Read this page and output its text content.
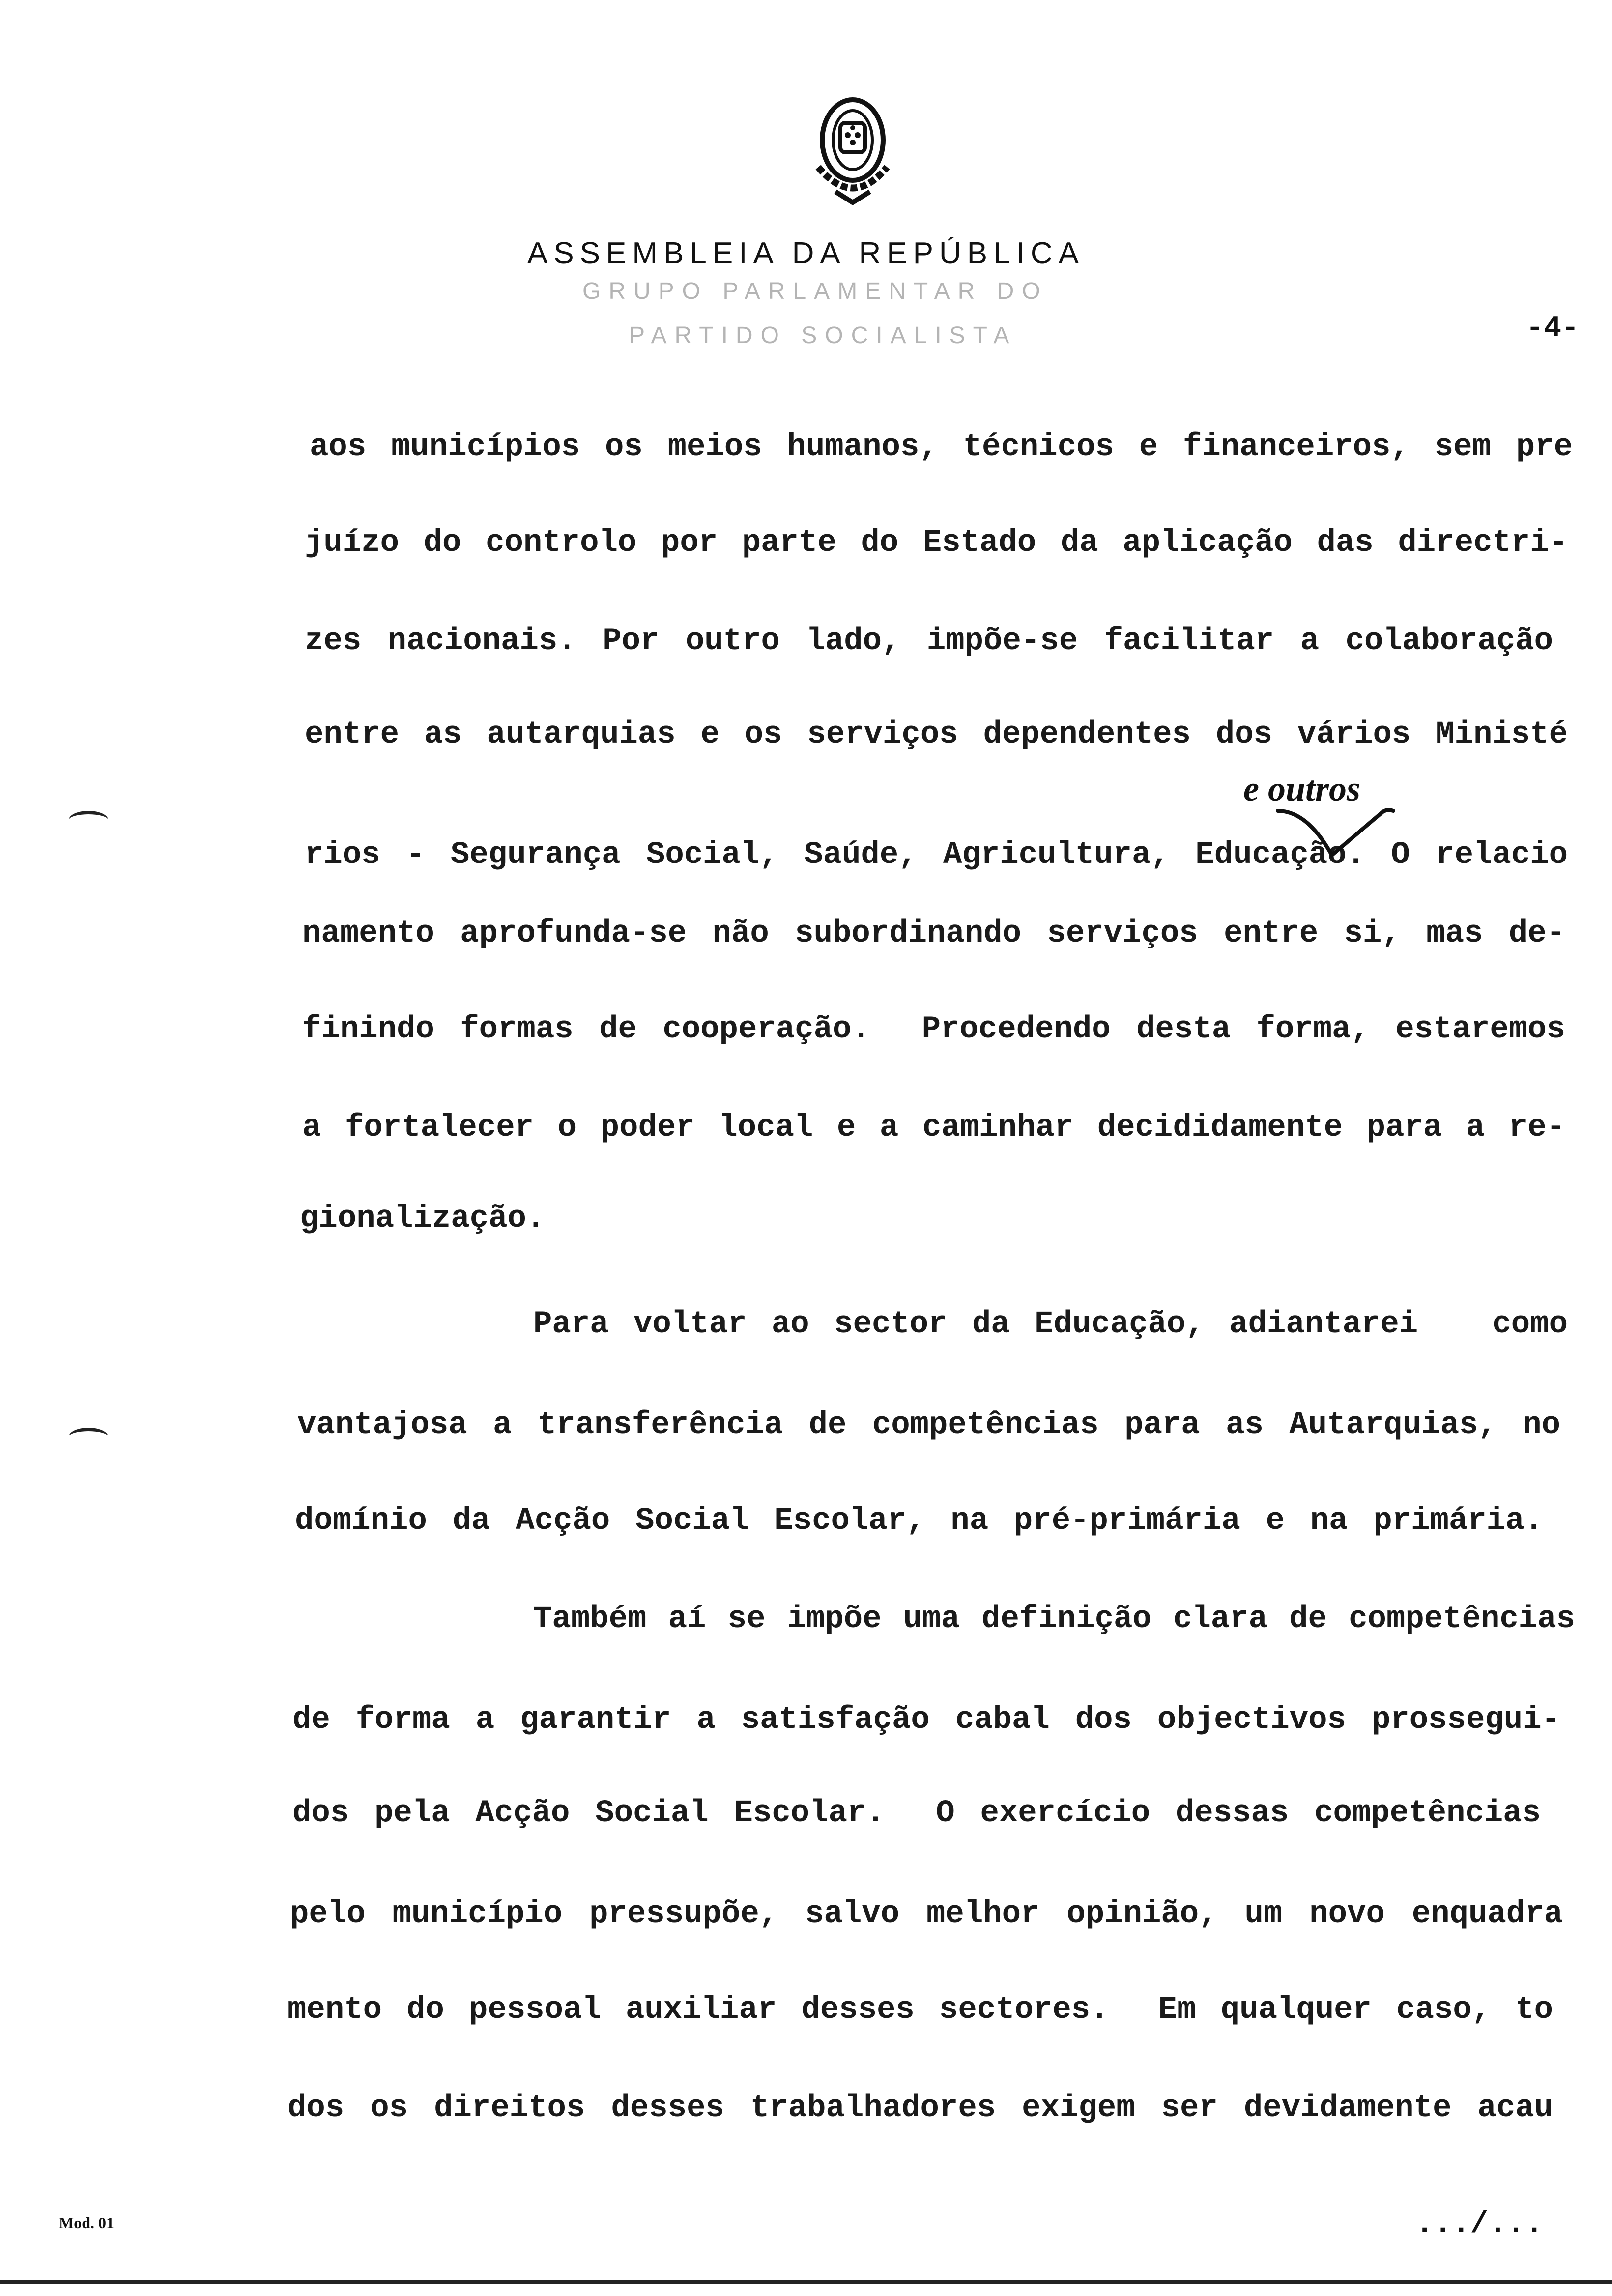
ASSEMBLEIA DA REPÚBLICA
GRUPO PARLAMENTAR DO
PARTIDO SOCIALISTA	-4-
aos municípios os meios humanos, técnicos e financeiros, sem pre
juízo do controlo por parte do Estado da aplicação das directri-
zes nacionais. Por outro lado, impõe-se facilitar a colaboração
entre as autarquias e os serviços dependentes dos vários Ministé
rios - Segurança Social, Saúde, Agricultura, Educação. O relacio
namento aprofunda-se não subordinando serviços entre si, mas de-
finindo formas de cooperação.  Procedendo desta forma, estaremos
a fortalecer o poder local e a caminhar decididamente para a re-
gionalização.
Para voltar ao sector da Educação, adiantarei   como
vantajosa a transferência de competências para as Autarquias, no
domínio da Acção Social Escolar, na pré-primária e na primária.
Também aí se impõe uma definição clara de competências
de forma a garantir a satisfação cabal dos objectivos prossegui-
dos pela Acção Social Escolar.  O exercício dessas competências
pelo município pressupõe, salvo melhor opinião, um novo enquadra
mento do pessoal auxiliar desses sectores.  Em qualquer caso, to
dos os direitos desses trabalhadores exigem ser devidamente acau
e outros
Mod. 01	.../...
